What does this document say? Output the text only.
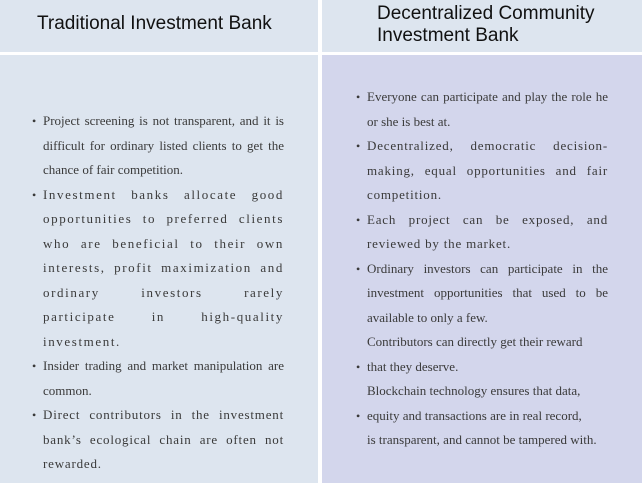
Traditional Investment Bank	Decentralized Community
Investment Bank
• Project screening is not transparent, and it is difficult for ordinary listed clients to get the chance of fair competition.
• Investment banks allocate good opportunities to preferred clients who are beneficial to their own interests, profit maximization and ordinary investors rarely participate in high-quality investment.
• Insider trading and market manipulation are common.
• Direct contributors in the investment bank’s ecological chain are often not rewarded.
• Everyone can participate and play the role he or she is best at.
• Decentralized, democratic decision-making, equal opportunities and fair competition.
• Each project can be exposed, and reviewed by the market.
• Ordinary investors can participate in the investment opportunities that used to be available to only a few.
Contributors can directly get their reward
• that they deserve.
Blockchain technology ensures that data,
• equity and transactions are in real record,
is transparent, and cannot be tampered with.
